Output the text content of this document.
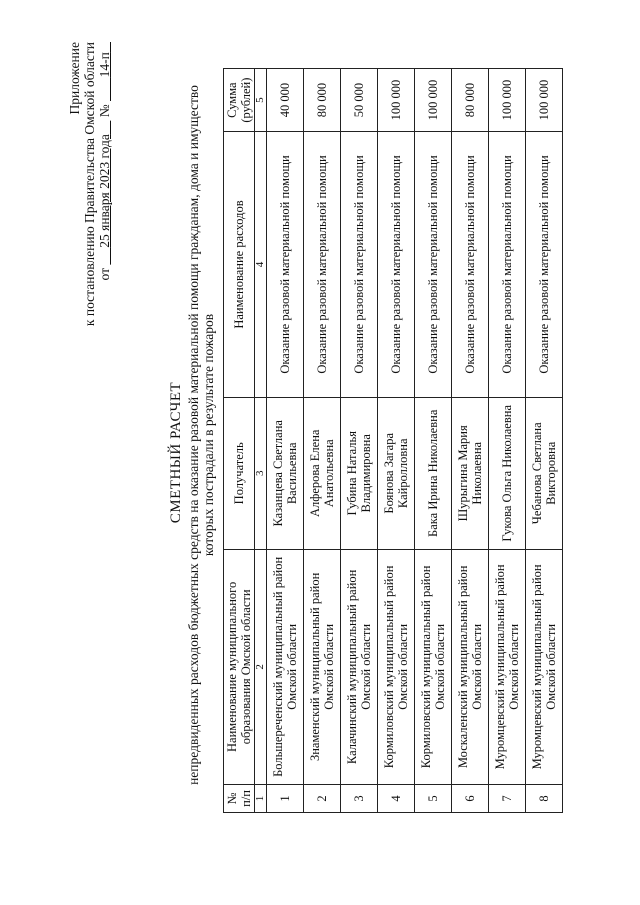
Приложение к постановлению Правительства Омской области от      25 января 2023 года     №        14-п
СМЕТНЫЙ РАСЧЕТ непредвиденных расходов бюджетных средств на оказание разовой материальной помощи гражданам, дома и имущество которых пострадали в результате пожаров
№ п/п	Наименование муниципального образования Омской области	Получатель	Наименование расходов	Сумма (рублей)
1	2	3	4	5
1	Большереченский муниципальный район Омской области	Казанцева Светлана Васильевна	Оказание разовой материальной помощи	40 000
2	Знаменский муниципальный район Омской области	Алферова Елена Анатольевна	Оказание разовой материальной помощи	80 000
3	Калачинский муниципальный район Омской области	Губина Наталья Владимировна	Оказание разовой материальной помощи	50 000
4	Кормиловский муниципальный район Омской области	Боянова Загара Кайролловна	Оказание разовой материальной помощи	100 000
5	Кормиловский муниципальный район Омской области	Бака Ирина Николаевна	Оказание разовой материальной помощи	100 000
6	Москаленский муниципальный район Омской области	Шурыгина Мария Николаевна	Оказание разовой материальной помощи	80 000
7	Муромцевский муниципальный район Омской области	Гукова Ольга Николаевна	Оказание разовой материальной помощи	100 000
8	Муромцевский муниципальный район Омской области	Чебанова Светлана Викторовна	Оказание разовой материальной помощи	100 000
